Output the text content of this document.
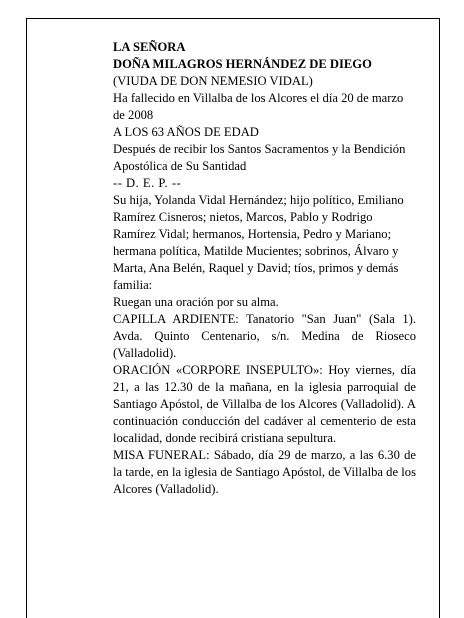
LA SEÑORA

DOÑA MILAGROS HERNÁNDEZ DE DIEGO

(VIUDA DE DON NEMESIO VIDAL)

Ha fallecido en Villalba de los Alcores el día 20 de marzo de 2008

A LOS 63 AÑOS DE EDAD

Después de recibir los Santos Sacramentos y la Bendición Apostólica de Su Santidad

-- D. E. P. --

Su hija, Yolanda Vidal Hernández; hijo político, Emiliano Ramírez Cisneros; nietos, Marcos, Pablo y Rodrigo Ramírez Vidal; hermanos, Hortensia, Pedro y Mariano; hermana política, Matilde Mucientes; sobrinos, Álvaro y Marta, Ana Belén, Raquel y David; tíos, primos y demás familia:

Ruegan una oración por su alma.

CAPILLA ARDIENTE: Tanatorio "San Juan" (Sala 1). Avda. Quinto Centenario, s/n. Medina de Rioseco (Valladolid).

ORACIÓN «CORPORE INSEPULTO»: Hoy viernes, día 21, a las 12.30 de la mañana, en la iglesia parroquial de Santiago Apóstol, de Villalba de los Alcores (Valladolid). A continuación conducción del cadáver al cementerio de esta localidad, donde recibirá cristiana sepultura.

MISA FUNERAL: Sábado, día 29 de marzo, a las 6.30 de la tarde, en la iglesia de Santiago Apóstol, de Villalba de los Alcores (Valladolid).
